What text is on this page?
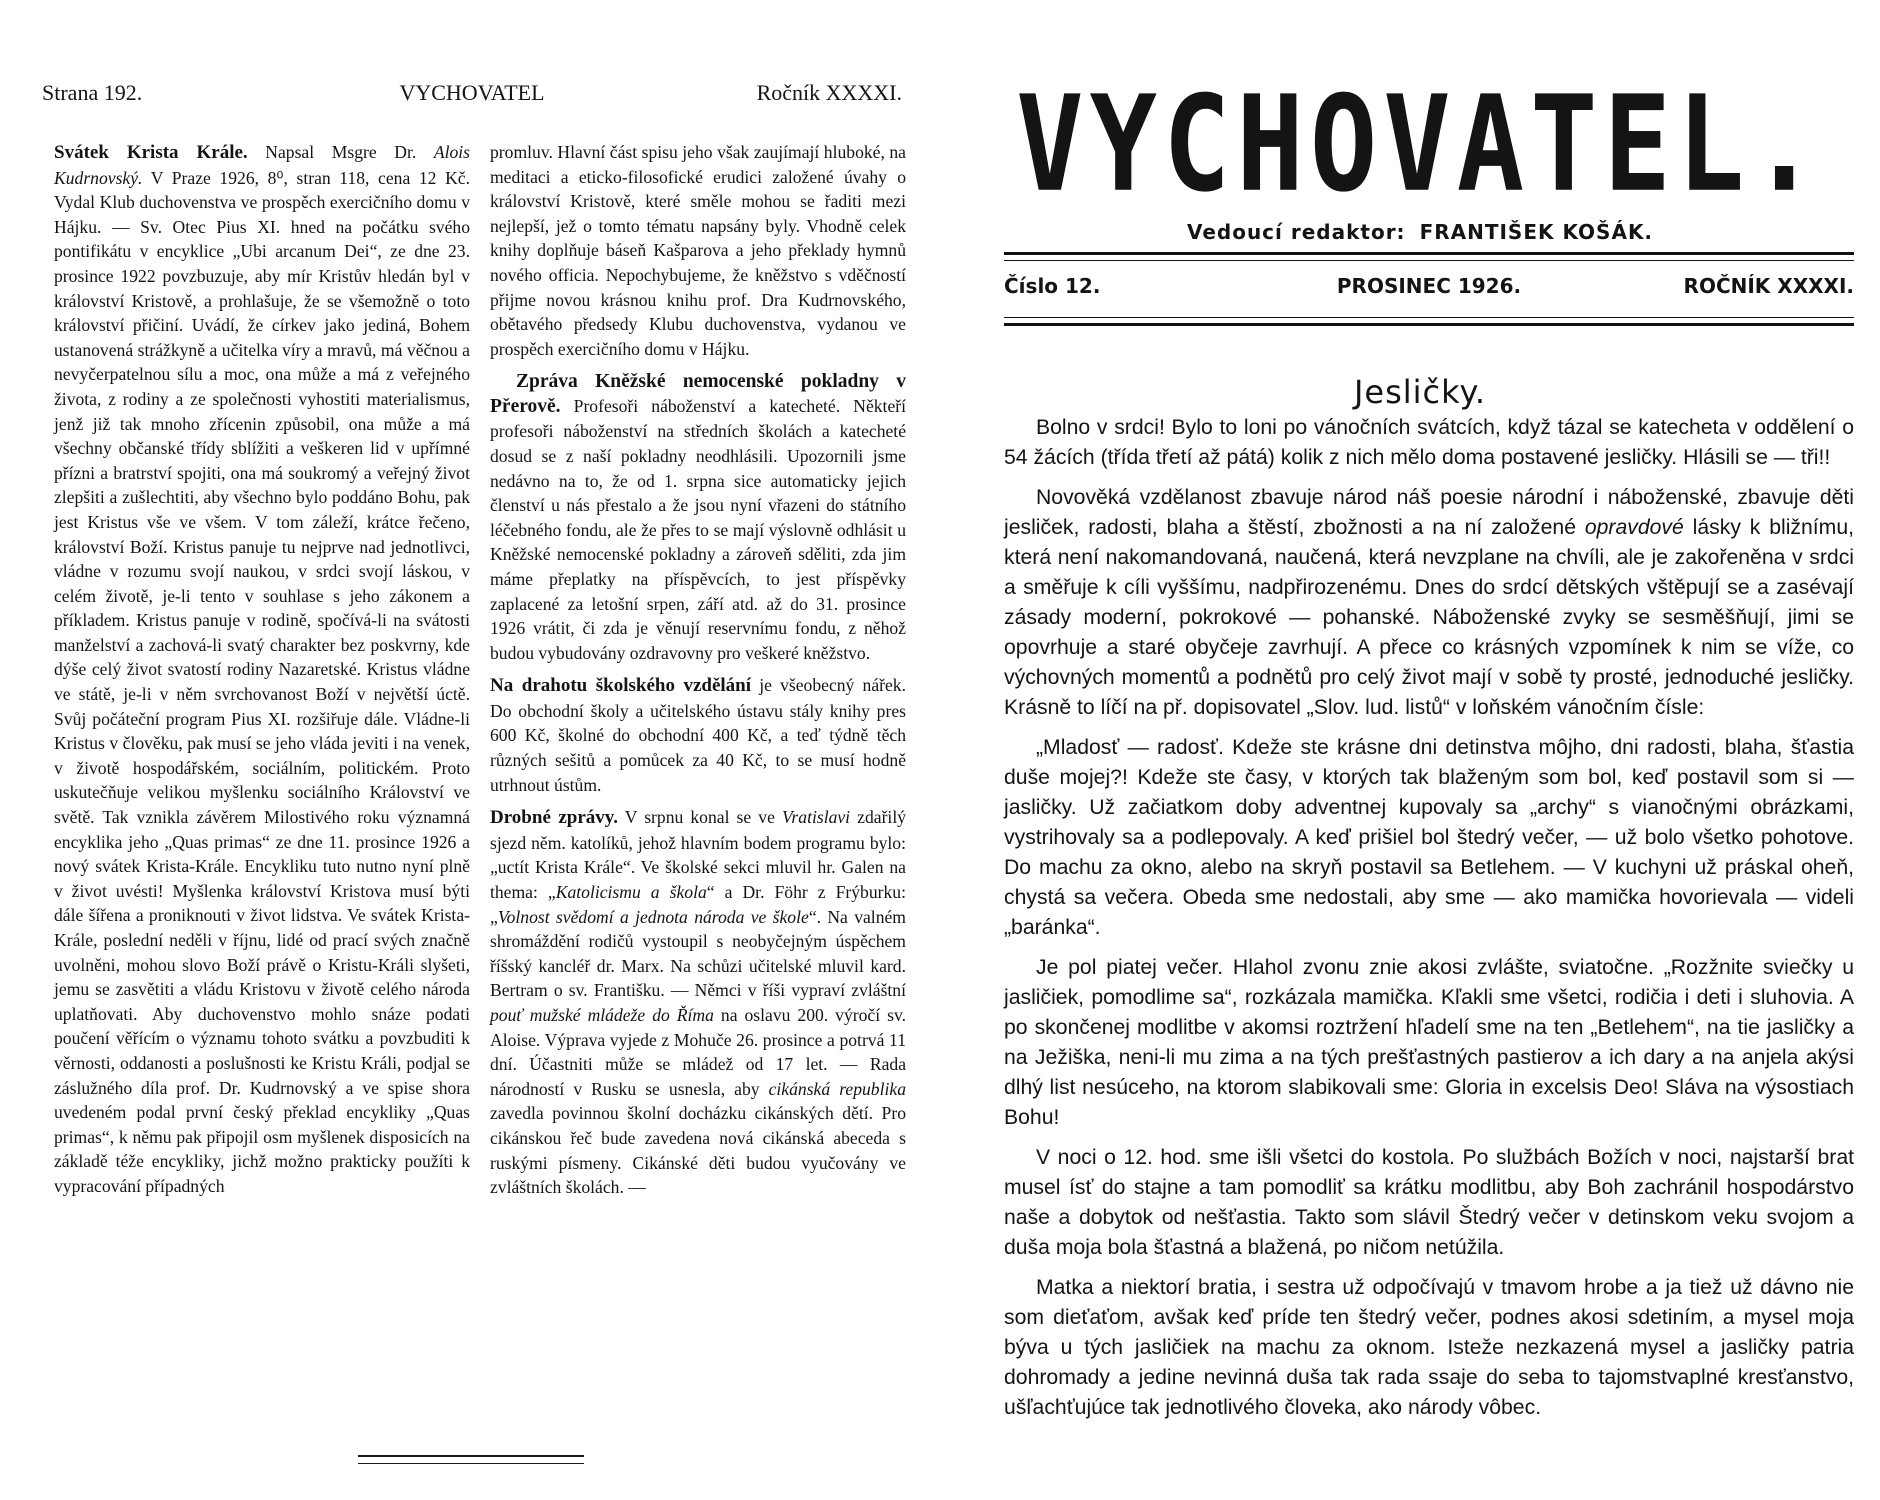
Strana 192.	VYCHOVATEL	Ročník XXXXI.

Svátek Krista Krále. Napsal Msgre Dr. Alois Kudrnovský. V Praze 1926, 8⁰, stran 118, cena 12 Kč. Vydal Klub duchovenstva ve prospěch exercičního domu v Hájku. — Sv. Otec Pius XI. hned na počátku svého pontifikátu v encyklice „Ubi arcanum Dei“, ze dne 23. prosince 1922 povzbuzuje, aby mír Kristův hledán byl v království Kristově, a prohlašuje, že se všemožně o toto království přičiní. Uvádí, že církev jako jediná, Bohem ustanovená strážkyně a učitelka víry a mravů, má věčnou a nevyčerpatelnou sílu a moc, ona může a má z veřejného života, z rodiny a ze společnosti vyhostiti materialismus, jenž již tak mnoho zřícenin způsobil, ona může a má všechny občanské třídy sblížiti a veškeren lid v upřímné přízni a bratrství spojiti, ona má soukromý a veřejný život zlepšiti a zušlechtiti, aby všechno bylo poddáno Bohu, pak jest Kristus vše ve všem. V tom záleží, krátce řečeno, království Boží. Kristus panuje tu nejprve nad jednotlivci, vládne v rozumu svojí naukou, v srdci svojí láskou, v celém životě, je-li tento v souhlase s jeho zákonem a příkladem. Kristus panuje v rodině, spočívá-li na svátosti manželství a zachová-li svatý charakter bez poskvrny, kde dýše celý život svatostí rodiny Nazaretské. Kristus vládne ve státě, je-li v něm svrchovanost Boží v největší úctě. Svůj počáteční program Pius XI. rozšiřuje dále. Vládne-li Kristus v člověku, pak musí se jeho vláda jeviti i na venek, v životě hospodářském, sociálním, politickém. Proto uskutečňuje velikou myšlenku sociálního Království ve světě. Tak vznikla závěrem Milostivého roku významná encyklika jeho „Quas primas“ ze dne 11. prosince 1926 a nový svátek Krista-Krále. Encykliku tuto nutno nyní plně v život uvésti! Myšlenka království Kristova musí býti dále šířena a proniknouti v život lidstva. Ve svátek Krista-Krále, poslední neděli v říjnu, lidé od prací svých značně uvolněni, mohou slovo Boží právě o Kristu-Králi slyšeti, jemu se zasvětiti a vládu Kristovu v životě celého národa uplatňovati. Aby duchovenstvo mohlo snáze podati poučení věřícím o významu tohoto svátku a povzbuditi k věrnosti, oddanosti a poslušnosti ke Kristu Králi, podjal se záslužného díla prof. Dr. Kudrnovský a ve spise shora uvedeném podal první český překlad encykliky „Quas primas“, k němu pak připojil osm myšlenek disposicích na základě téže encykliky, jichž možno prakticky použíti k vypracování případných

promluv. Hlavní část spisu jeho však zaujímají hluboké, na meditaci a eticko-filosofické erudici založené úvahy o království Kristově, které směle mohou se řaditi mezi nejlepší, jež o tomto tématu napsány byly. Vhodně celek knihy doplňuje báseň Kašparova a jeho překlady hymnů nového officia. Nepochybujeme, že kněžstvo s vděčností přijme novou krásnou knihu prof. Dra Kudrnovského, obětavého předsedy Klubu duchovenstva, vydanou ve prospěch exercičního domu v Hájku.

Zpráva Kněžské nemocenské pokladny v Přerově. Profesoři náboženství a katecheté. Někteří profesoři náboženství na středních školách a katecheté dosud se z naší pokladny neodhlásili. Upozornili jsme nedávno na to, že od 1. srpna sice automaticky jejich členství u nás přestalo a že jsou nyní vřazeni do státního léčebného fondu, ale že přes to se mají výslovně odhlásit u Kněžské nemocenské pokladny a zároveň sděliti, zda jim máme přeplatky na příspěvcích, to jest příspěvky zaplacené za letošní srpen, září atd. až do 31. prosince 1926 vrátit, či zda je věnují reservnímu fondu, z něhož budou vybudovány ozdravovny pro veškeré kněžstvo.

Na drahotu školského vzdělání je všeobecný nářek. Do obchodní školy a učitelského ústavu stály knihy pres 600 Kč, školné do obchodní 400 Kč, a teď týdně těch různých sešitů a pomůcek za 40 Kč, to se musí hodně utrhnout ústům.

Drobné zprávy. V srpnu konal se ve Vratislavi zdařilý sjezd něm. katolíků, jehož hlavním bodem programu bylo: „uctít Krista Krále“. Ve školské sekci mluvil hr. Galen na thema: „Katolicismu a škola“ a Dr. Föhr z Frýburku: „Volnost svědomí a jednota národa ve škole“. Na valném shromáždění rodičů vystoupil s neobyčejným úspěchem říšský kancléř dr. Marx. Na schůzi učitelské mluvil kard. Bertram o sv. Františku. — Němci v říši vypraví zvláštní pouť mužské mládeže do Říma na oslavu 200. výročí sv. Aloise. Výprava vyjede z Mohuče 26. prosince a potrvá 11 dní. Účastniti může se mládež od 17 let. — Rada národností v Rusku se usnesla, aby cikánská republika zavedla povinnou školní docházku cikánských dětí. Pro cikánskou řeč bude zavedena nová cikánská abeceda s ruskými písmeny. Cikánské děti budou vyučovány ve zvláštních školách. —

VYCHOVATEL.
Vedoucí redaktor: FRANTIŠEK KOŠÁK.
Číslo 12.	PROSINEC 1926.	ROČNÍK XXXXI.
Jesličky.

Bolno v srdci! Bylo to loni po vánočních svátcích, když tázal se katecheta v oddělení o 54 žácích (třída třetí až pátá) kolik z nich mělo doma postavené jesličky. Hlásili se — tři!!

Novověká vzdělanost zbavuje národ náš poesie národní i náboženské, zbavuje děti jesliček, radosti, blaha a štěstí, zbožnosti a na ní založené opravdové lásky k bližnímu, která není nakomandovaná, naučená, která nevzplane na chvíli, ale je zakořeněna v srdci a směřuje k cíli vyššímu, nadpřirozenému. Dnes do srdcí dětských vštěpují se a zasévají zásady moderní, pokrokové — pohanské. Náboženské zvyky se sesměšňují, jimi se opovrhuje a staré obyčeje zavrhují. A přece co krásných vzpomínek k nim se víže, co výchovných momentů a podnětů pro celý život mají v sobě ty prosté, jednoduché jesličky. Krásně to líčí na př. dopisovatel „Slov. lud. listů“ v loňském vánočním čísle:

„Mladosť — radosť. Kdeže ste krásne dni detinstva môjho, dni radosti, blaha, šťastia duše mojej?! Kdeže ste časy, v ktorých tak blaženým som bol, keď postavil som si — jasličky. Už začiatkom doby adventnej kupovaly sa „archy“ s vianočnými obrázkami, vystrihovaly sa a podlepovaly. A keď prišiel bol štedrý večer, — už bolo všetko pohotove. Do machu za okno, alebo na skryň postavil sa Betlehem. — V kuchyni už práskal oheň, chystá sa večera. Obeda sme nedostali, aby sme — ako mamička hovorievala — videli „baránka“.

Je pol piatej večer. Hlahol zvonu znie akosi zvlášte, sviatočne. „Rozžnite sviečky u jasličiek, pomodlime sa“, rozkázala mamička. Kľakli sme všetci, rodičia i deti i sluhovia. A po skončenej modlitbe v akomsi roztržení hľadelí sme na ten „Betlehem“, na tie jasličky a na Ježiška, neni-li mu zima a na tých prešťastných pastierov a ich dary a na anjela akýsi dlhý list nesúceho, na ktorom slabikovali sme: Gloria in excelsis Deo! Sláva na výsostiach Bohu!

V noci o 12. hod. sme išli všetci do kostola. Po službách Božích v noci, najstarší brat musel ísť do stajne a tam pomodliť sa krátku modlitbu, aby Boh zachránil hospodárstvo naše a dobytok od nešťastia. Takto som slávil Štedrý večer v detinskom veku svojom a duša moja bola šťastná a blažená, po ničom netúžila.

Matka a niektorí bratia, i sestra už odpočívajú v tmavom hrobe a ja tiež už dávno nie som dieťaťom, avšak keď príde ten štedrý večer, podnes akosi sdetiním, a mysel moja býva u tých jasličiek na machu za oknom. Isteže nezkazená mysel a jasličky patria dohromady a jedine nevinná duša tak rada ssaje do seba to tajomstvaplné kresťanstvo, ušľachťujúce tak jednotlivého človeka, ako národy vôbec.
